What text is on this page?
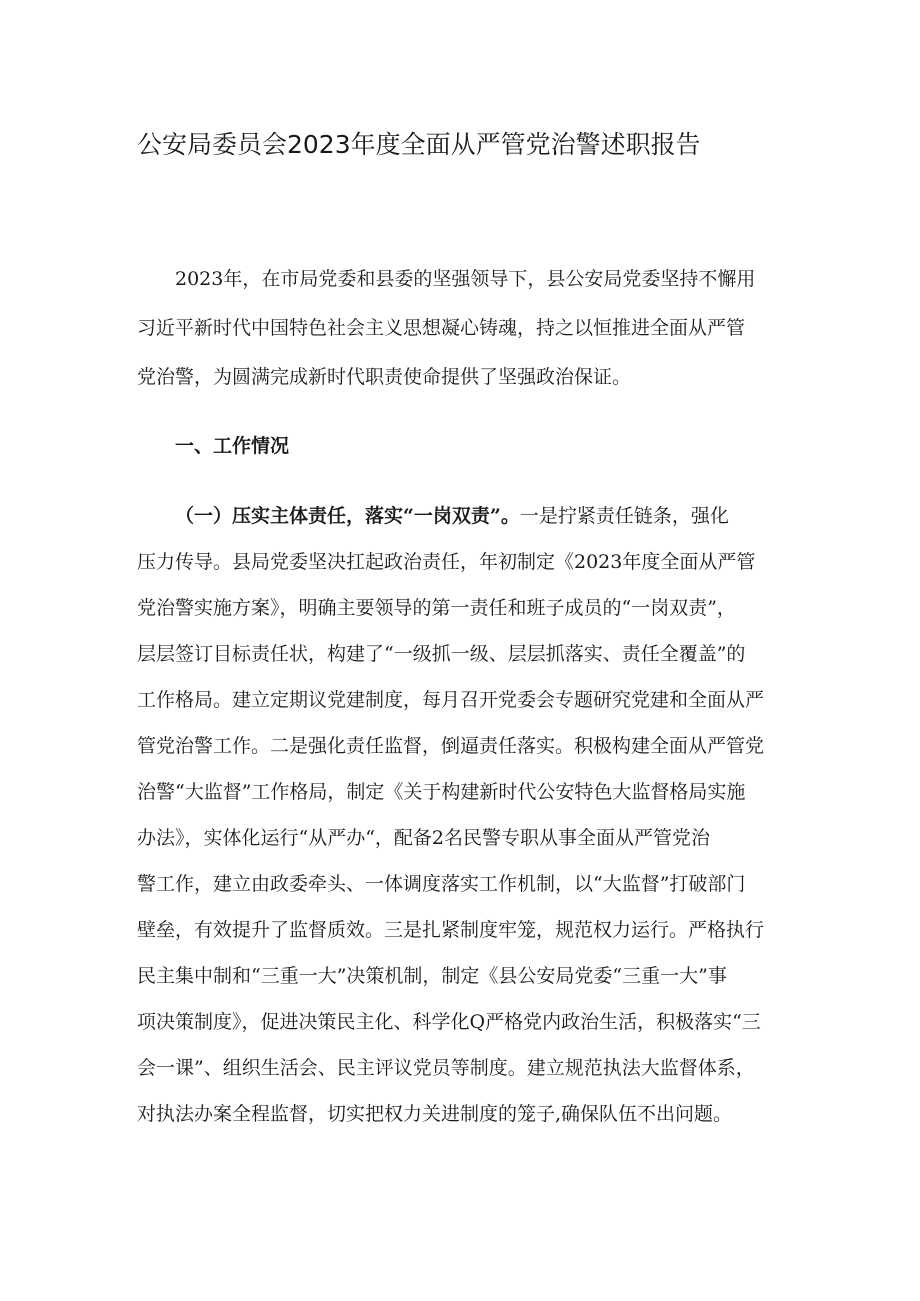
公安局委员会2023年度全面从严管党治警述职报告

2023年，在市局党委和县委的坚强领导下，县公安局党委坚持不懈用

习近平新时代中国特色社会主义思想凝心铸魂，持之以恒推进全面从严管

党治警，为圆满完成新时代职责使命提供了坚强政治保证。

一、工作情况

（一）压实主体责任，落实“一岗双责”。一是拧紧责任链条，强化

压力传导。县局党委坚决扛起政治责任，年初制定《2023年度全面从严管

党治警实施方案》，明确主要领导的第一责任和班子成员的“一岗双责”，

层层签订目标责任状，构建了“一级抓一级、层层抓落实、责任全覆盖”的

工作格局。建立定期议党建制度，每月召开党委会专题研究党建和全面从严

管党治警工作。二是强化责任监督，倒逼责任落实。积极构建全面从严管党

治警“大监督”工作格局，制定《关于构建新时代公安特色大监督格局实施

办法》，实体化运行“从严办“，配备2名民警专职从事全面从严管党治

警工作，建立由政委牵头、一体调度落实工作机制，以“大监督”打破部门

壁垒，有效提升了监督质效。三是扎紧制度牢笼，规范权力运行。严格执行

民主集中制和“三重一大”决策机制，制定《县公安局党委“三重一大”事

项决策制度》，促进决策民主化、科学化Q严格党内政治生活，积极落实“三

会一课”、组织生活会、民主评议党员等制度。建立规范执法大监督体系，

对执法办案全程监督，切实把权力关进制度的笼子,确保队伍不出问题。
